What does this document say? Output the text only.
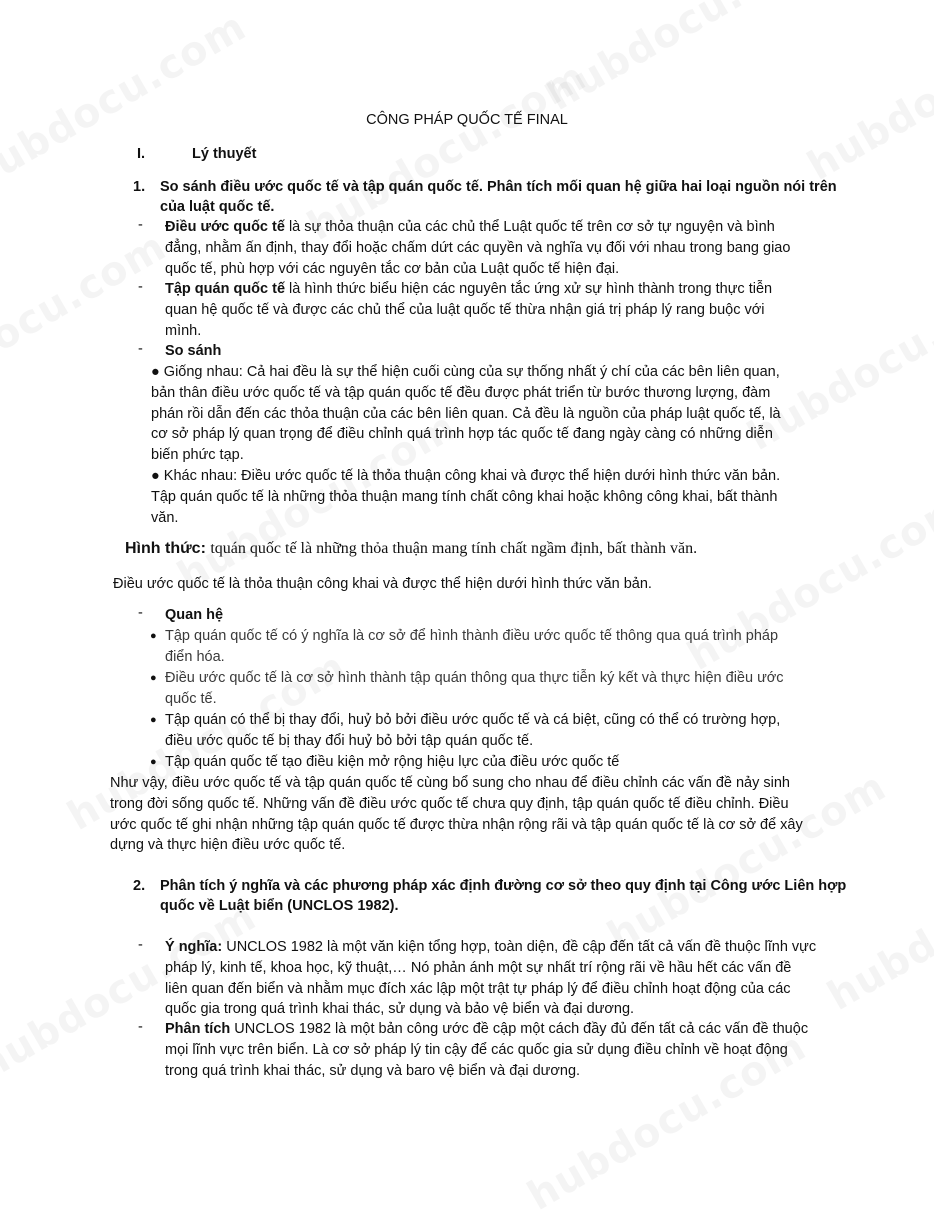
CÔNG PHÁP QUỐC TẾ FINAL
I.	Lý thuyết
1. So sánh điều ước quốc tế và tập quán quốc tế. Phân tích mối quan hệ giữa hai loại nguồn nói trên
của luật quốc tế.
- Điều ước quốc tế là sự thỏa thuận của các chủ thể Luật quốc tế trên cơ sở tự nguyện và bình
đẳng, nhằm ấn định, thay đổi hoặc chấm dứt các quyền và nghĩa vụ đối với nhau trong bang giao
quốc tế, phù hợp với các nguyên tắc cơ bản của Luật quốc tế hiện đại.
- Tập quán quốc tế là hình thức biểu hiện các nguyên tắc ứng xử sự hình thành trong thực tiễn
quan hệ quốc tế và được các chủ thể của luật quốc tế thừa nhận giá trị pháp lý rang buộc với
mình.
- So sánh
● Giống nhau: Cả hai đều là sự thể hiện cuối cùng của sự thống nhất ý chí của các bên liên quan,
bản thân điều ước quốc tế và tập quán quốc tế đều được phát triển từ bước thương lượng, đàm
phán rồi dẫn đến các thỏa thuận của các bên liên quan. Cả đều là nguồn của pháp luật quốc tế, là
cơ sở pháp lý quan trọng để điều chỉnh quá trình hợp tác quốc tế đang ngày càng có những diễn
biến phức tạp.
● Khác nhau: Điều ước quốc tế là thỏa thuận công khai và được thể hiện dưới hình thức văn bản.
Tập quán quốc tế là những thỏa thuận mang tính chất công khai hoặc không công khai, bất thành
văn.
Hình thức: tquán quốc tế là những thỏa thuận mang tính chất ngầm định, bất thành văn.
Điều ước quốc tế là thỏa thuận công khai và được thể hiện dưới hình thức văn bản.
- Quan hệ
● Tập quán quốc tế có ý nghĩa là cơ sở để hình thành điều ước quốc tế thông qua quá trình pháp
điển hóa.
● Điều ước quốc tế là cơ sở hình thành tập quán thông qua thực tiễn ký kết và thực hiện điều ước
quốc tế.
● Tập quán có thể bị thay đổi, huỷ bỏ bởi điều ước quốc tế và cá biệt, cũng có thể có trường hợp,
điều ước quốc tế bị thay đổi huỷ bỏ bởi tập quán quốc tế.
● Tập quán quốc tế tạo điều kiện mở rộng hiệu lực của điều ước quốc tế
Như vậy, điều ước quốc tế và tập quán quốc tế cùng bổ sung cho nhau để điều chỉnh các vấn đề nảy sinh
trong đời sống quốc tế. Những vấn đề điều ước quốc tế chưa quy định, tập quán quốc tế điều chỉnh. Điều
ước quốc tế ghi nhận những tập quán quốc tế được thừa nhận rộng rãi và tập quán quốc tế là cơ sở để xây
dựng và thực hiện điều ước quốc tế.
2. Phân tích ý nghĩa và các phương pháp xác định đường cơ sở theo quy định tại Công ước Liên hợp
quốc về Luật biển (UNCLOS 1982).
- Ý nghĩa: UNCLOS 1982 là một văn kiện tổng hợp, toàn diện, đề cập đến tất cả vấn đề thuộc lĩnh vực
pháp lý, kinh tế, khoa học, kỹ thuật,… Nó phản ánh một sự nhất trí rộng rãi về hầu hết các vấn đề
liên quan đến biển và nhằm mục đích xác lập một trật tự pháp lý để điều chỉnh hoạt động của các
quốc gia trong quá trình khai thác, sử dụng và bảo vệ biển và đại dương.
- Phân tích UNCLOS 1982 là một bản công ước đề cập một cách đầy đủ đến tất cả các vấn đề thuộc
mọi lĩnh vực trên biển. Là cơ sở pháp lý tin cậy để các quốc gia sử dụng điều chỉnh về hoạt động
trong quá trình khai thác, sử dụng và baro vệ biển và đại dương.
